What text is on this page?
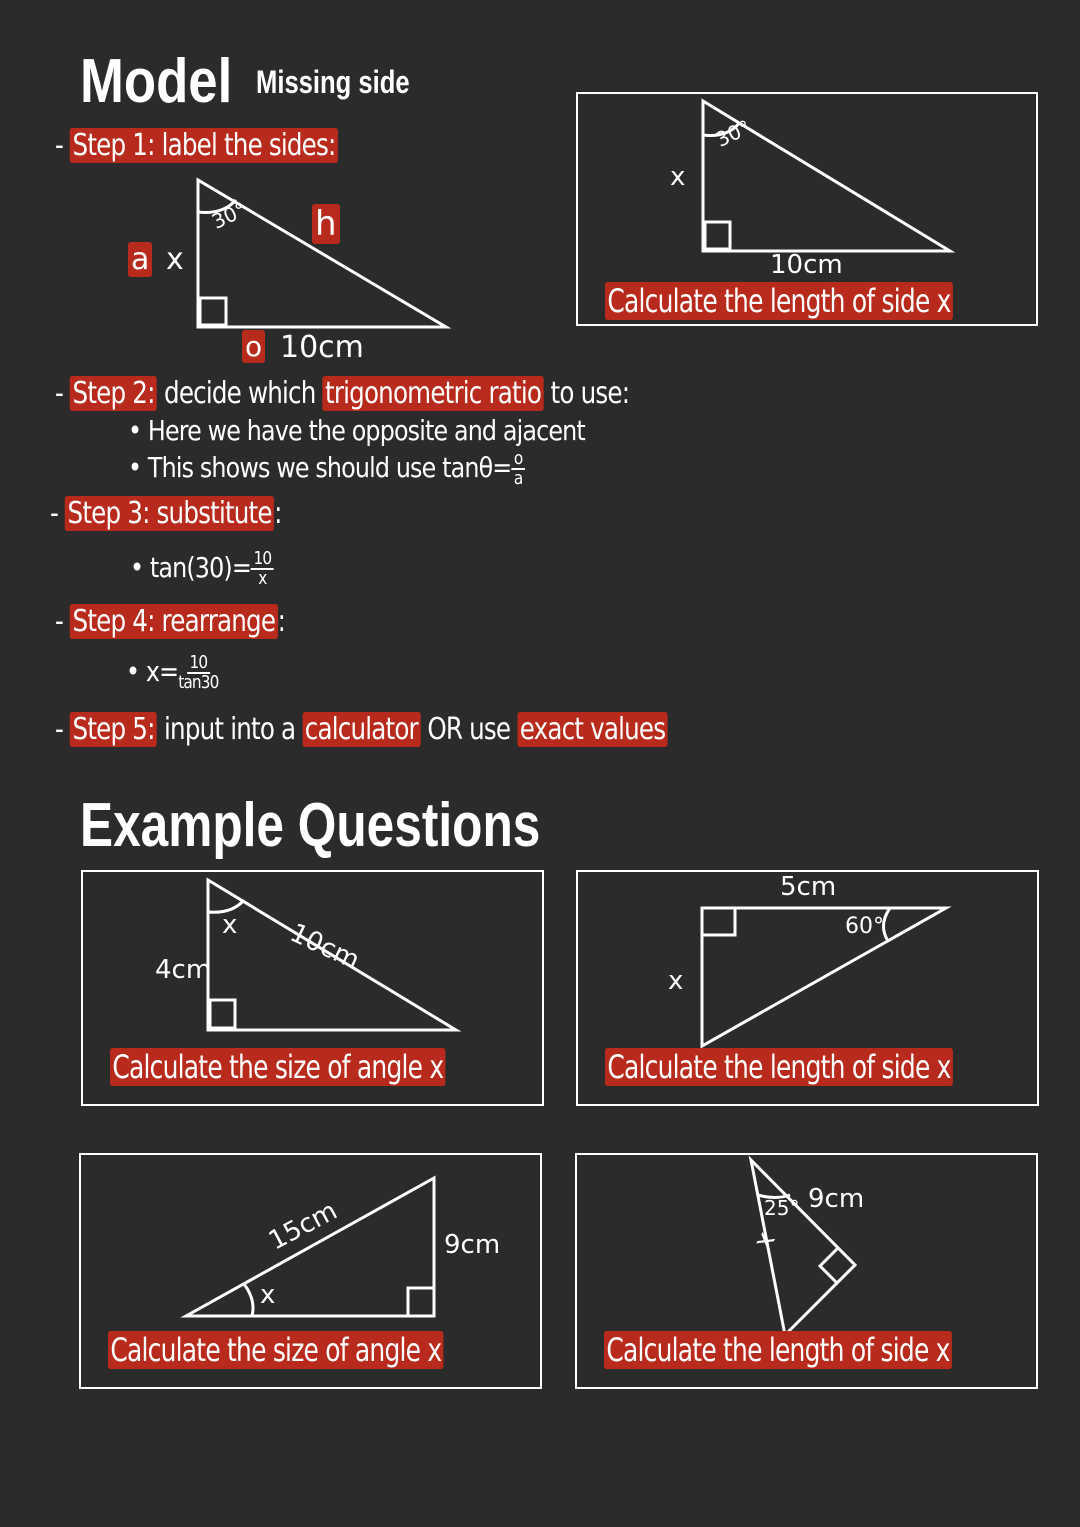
Model Missing side
- Step 1: label the sides:
a x
30° h
o 10cm
x
30°
10cm
Calculate the length of side x
- Step 2: decide which trigonometric ratio to use:
• Here we have the opposite and ajacent
• This shows we should use $\tan\theta= \frac{o}{a}$
- Step 3: substitute:
• $\tan(30)= \frac{10}{x}$
- Step 4: rearrange:
• $x= \frac{10}{\tan 30}$
- Step 5: input into a calculator OR use exact values
Example Questions
x 10cm
4cm
Calculate the size of angle x
5cm
60°
x
Calculate the length of side x
15cm	9cm
x
Calculate the size of angle x
25° 9cm
x
Calculate the length of side x
